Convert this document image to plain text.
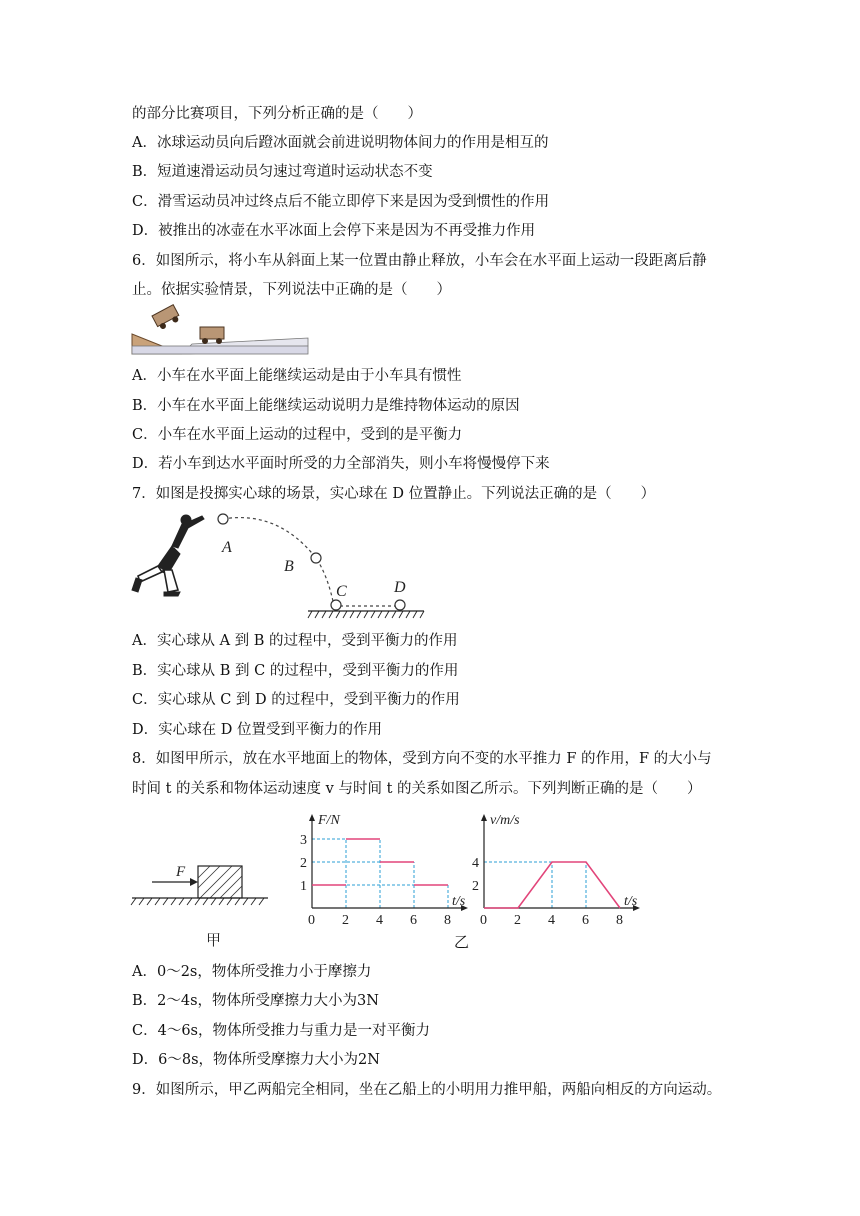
的部分比赛项目，下列分析正确的是（　　）
A．冰球运动员向后蹬冰面就会前进说明物体间力的作用是相互的
B．短道速滑运动员匀速过弯道时运动状态不变
C．滑雪运动员冲过终点后不能立即停下来是因为受到惯性的作用
D．被推出的冰壶在水平冰面上会停下来是因为不再受推力作用
6．如图所示，将小车从斜面上某一位置由静止释放，小车会在水平面上运动一段距离后静
止。依据实验情景，下列说法中正确的是（　　）
A．小车在水平面上能继续运动是由于小车具有惯性
B．小车在水平面上能继续运动说明力是维持物体运动的原因
C．小车在水平面上运动的过程中，受到的是平衡力
D．若小车到达水平面时所受的力全部消失，则小车将慢慢停下来
7．如图是投掷实心球的场景，实心球在 D 位置静止。下列说法正确的是（　　）
A
B
C	D
A．实心球从 A 到 B 的过程中，受到平衡力的作用
B．实心球从 B 到 C 的过程中，受到平衡力的作用
C．实心球从 C 到 D 的过程中，受到平衡力的作用
D．实心球在 D 位置受到平衡力的作用
8．如图甲所示，放在水平地面上的物体，受到方向不变的水平推力 F 的作用，F 的大小与
时间 t 的关系和物体运动速度 v 与时间 t 的关系如图乙所示。下列判断正确的是（　　）
F
甲
F/N
t/s
0 2 4 6 8
1
2
3
v/m/s
t/s
0 2 4 6 8
2
4
乙
A．0～2s，物体所受推力小于摩擦力
B．2～4s，物体所受摩擦力大小为3N
C．4～6s，物体所受推力与重力是一对平衡力
D．6～8s，物体所受摩擦力大小为2N
9．如图所示，甲乙两船完全相同，坐在乙船上的小明用力推甲船，两船向相反的方向运动。
